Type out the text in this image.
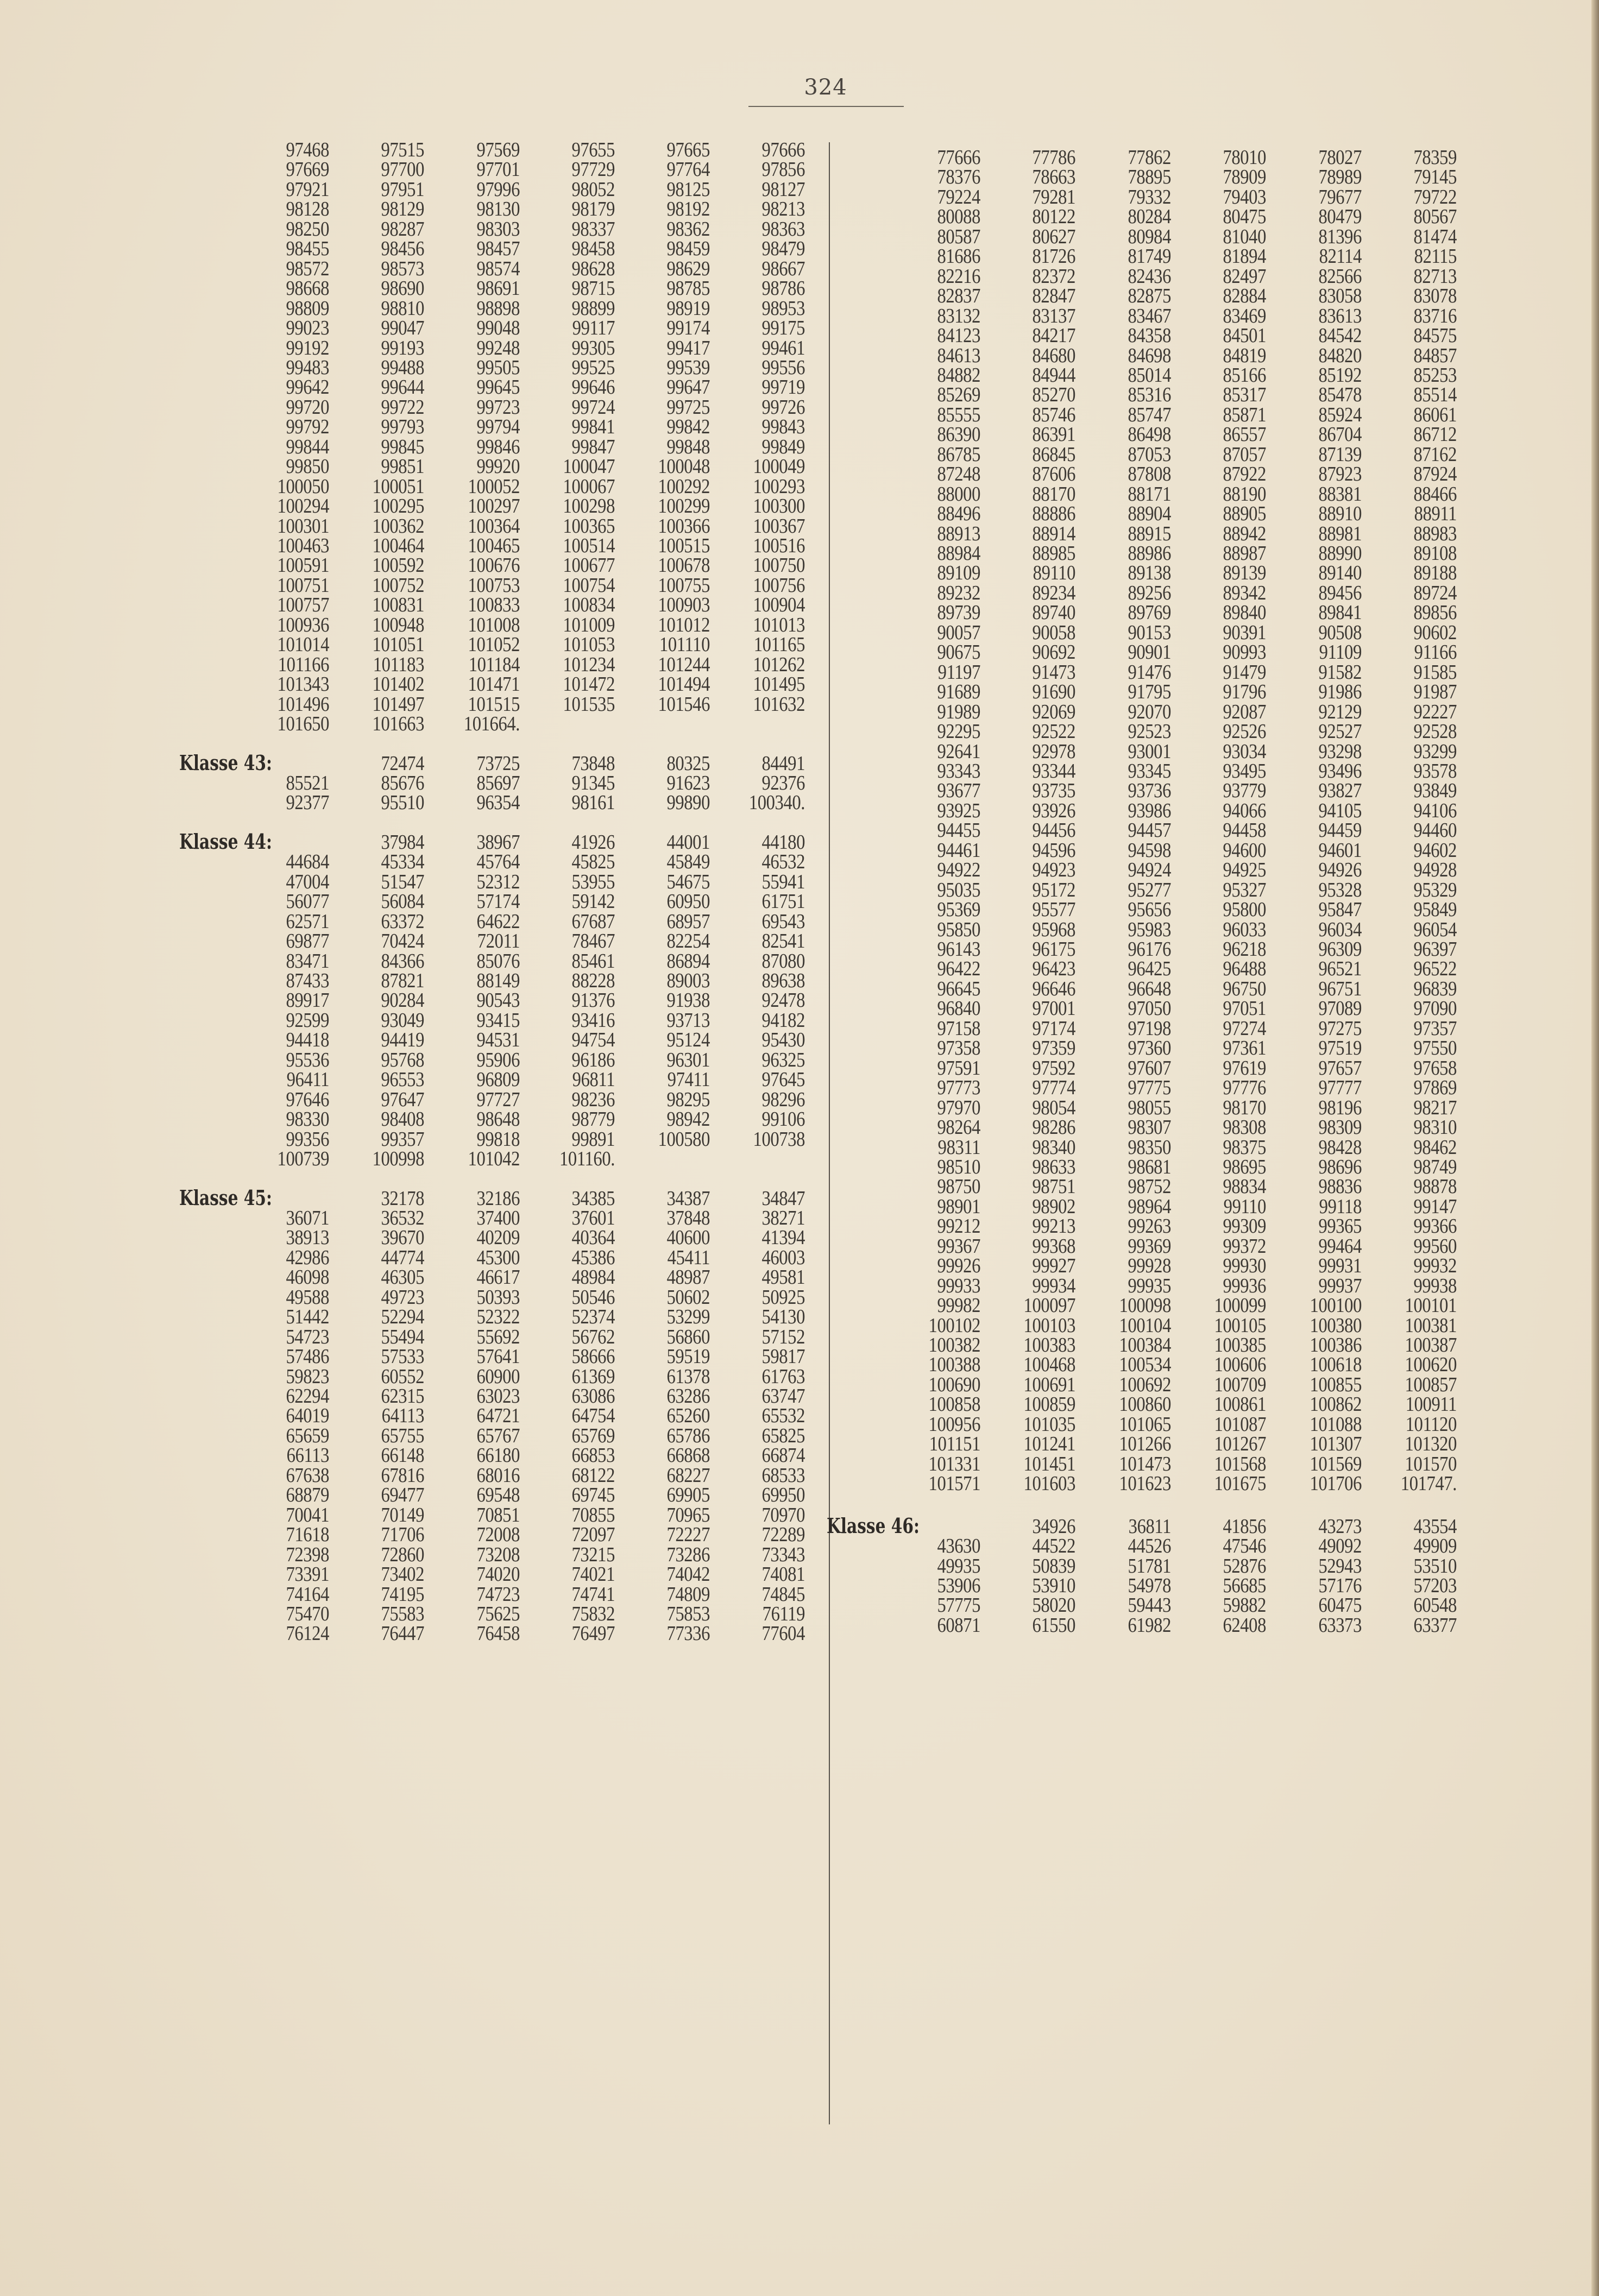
324
97468	97515	97569	97655	97665	97666
97669	97700	97701	97729	97764	97856
97921	97951	97996	98052	98125	98127
98128	98129	98130	98179	98192	98213
98250	98287	98303	98337	98362	98363
98455	98456	98457	98458	98459	98479
98572	98573	98574	98628	98629	98667
98668	98690	98691	98715	98785	98786
98809	98810	98898	98899	98919	98953
99023	99047	99048	99117	99174	99175
99192	99193	99248	99305	99417	99461
99483	99488	99505	99525	99539	99556
99642	99644	99645	99646	99647	99719
99720	99722	99723	99724	99725	99726
99792	99793	99794	99841	99842	99843
99844	99845	99846	99847	99848	99849
99850	99851	99920	100047	100048	100049
100050	100051	100052	100067	100292	100293
100294	100295	100297	100298	100299	100300
100301	100362	100364	100365	100366	100367
100463	100464	100465	100514	100515	100516
100591	100592	100676	100677	100678	100750
100751	100752	100753	100754	100755	100756
100757	100831	100833	100834	100903	100904
100936	100948	101008	101009	101012	101013
101014	101051	101052	101053	101110	101165
101166	101183	101184	101234	101244	101262
101343	101402	101471	101472	101494	101495
101496	101497	101515	101535	101546	101632
101650	101663	101664.
Klasse 43:	72474	73725	73848	80325	84491
85521	85676	85697	91345	91623	92376
92377	95510	96354	98161	99890	100340.
Klasse 44:	37984	38967	41926	44001	44180
44684	45334	45764	45825	45849	46532
47004	51547	52312	53955	54675	55941
56077	56084	57174	59142	60950	61751
62571	63372	64622	67687	68957	69543
69877	70424	72011	78467	82254	82541
83471	84366	85076	85461	86894	87080
87433	87821	88149	88228	89003	89638
89917	90284	90543	91376	91938	92478
92599	93049	93415	93416	93713	94182
94418	94419	94531	94754	95124	95430
95536	95768	95906	96186	96301	96325
96411	96553	96809	96811	97411	97645
97646	97647	97727	98236	98295	98296
98330	98408	98648	98779	98942	99106
99356	99357	99818	99891	100580	100738
100739	100998	101042	101160.
Klasse 45:	32178	32186	34385	34387	34847
36071	36532	37400	37601	37848	38271
38913	39670	40209	40364	40600	41394
42986	44774	45300	45386	45411	46003
46098	46305	46617	48984	48987	49581
49588	49723	50393	50546	50602	50925
51442	52294	52322	52374	53299	54130
54723	55494	55692	56762	56860	57152
57486	57533	57641	58666	59519	59817
59823	60552	60900	61369	61378	61763
62294	62315	63023	63086	63286	63747
64019	64113	64721	64754	65260	65532
65659	65755	65767	65769	65786	65825
66113	66148	66180	66853	66868	66874
67638	67816	68016	68122	68227	68533
68879	69477	69548	69745	69905	69950
70041	70149	70851	70855	70965	70970
71618	71706	72008	72097	72227	72289
72398	72860	73208	73215	73286	73343
73391	73402	74020	74021	74042	74081
74164	74195	74723	74741	74809	74845
75470	75583	75625	75832	75853	76119
76124	76447	76458	76497	77336	77604
77666	77786	77862	78010	78027	78359
78376	78663	78895	78909	78989	79145
79224	79281	79332	79403	79677	79722
80088	80122	80284	80475	80479	80567
80587	80627	80984	81040	81396	81474
81686	81726	81749	81894	82114	82115
82216	82372	82436	82497	82566	82713
82837	82847	82875	82884	83058	83078
83132	83137	83467	83469	83613	83716
84123	84217	84358	84501	84542	84575
84613	84680	84698	84819	84820	84857
84882	84944	85014	85166	85192	85253
85269	85270	85316	85317	85478	85514
85555	85746	85747	85871	85924	86061
86390	86391	86498	86557	86704	86712
86785	86845	87053	87057	87139	87162
87248	87606	87808	87922	87923	87924
88000	88170	88171	88190	88381	88466
88496	88886	88904	88905	88910	88911
88913	88914	88915	88942	88981	88983
88984	88985	88986	88987	88990	89108
89109	89110	89138	89139	89140	89188
89232	89234	89256	89342	89456	89724
89739	89740	89769	89840	89841	89856
90057	90058	90153	90391	90508	90602
90675	90692	90901	90993	91109	91166
91197	91473	91476	91479	91582	91585
91689	91690	91795	91796	91986	91987
91989	92069	92070	92087	92129	92227
92295	92522	92523	92526	92527	92528
92641	92978	93001	93034	93298	93299
93343	93344	93345	93495	93496	93578
93677	93735	93736	93779	93827	93849
93925	93926	93986	94066	94105	94106
94455	94456	94457	94458	94459	94460
94461	94596	94598	94600	94601	94602
94922	94923	94924	94925	94926	94928
95035	95172	95277	95327	95328	95329
95369	95577	95656	95800	95847	95849
95850	95968	95983	96033	96034	96054
96143	96175	96176	96218	96309	96397
96422	96423	96425	96488	96521	96522
96645	96646	96648	96750	96751	96839
96840	97001	97050	97051	97089	97090
97158	97174	97198	97274	97275	97357
97358	97359	97360	97361	97519	97550
97591	97592	97607	97619	97657	97658
97773	97774	97775	97776	97777	97869
97970	98054	98055	98170	98196	98217
98264	98286	98307	98308	98309	98310
98311	98340	98350	98375	98428	98462
98510	98633	98681	98695	98696	98749
98750	98751	98752	98834	98836	98878
98901	98902	98964	99110	99118	99147
99212	99213	99263	99309	99365	99366
99367	99368	99369	99372	99464	99560
99926	99927	99928	99930	99931	99932
99933	99934	99935	99936	99937	99938
99982	100097	100098	100099	100100	100101
100102	100103	100104	100105	100380	100381
100382	100383	100384	100385	100386	100387
100388	100468	100534	100606	100618	100620
100690	100691	100692	100709	100855	100857
100858	100859	100860	100861	100862	100911
100956	101035	101065	101087	101088	101120
101151	101241	101266	101267	101307	101320
101331	101451	101473	101568	101569	101570
101571	101603	101623	101675	101706	101747.
Klasse 46:	34926	36811	41856	43273	43554
43630	44522	44526	47546	49092	49909
49935	50839	51781	52876	52943	53510
53906	53910	54978	56685	57176	57203
57775	58020	59443	59882	60475	60548
60871	61550	61982	62408	63373	63377
